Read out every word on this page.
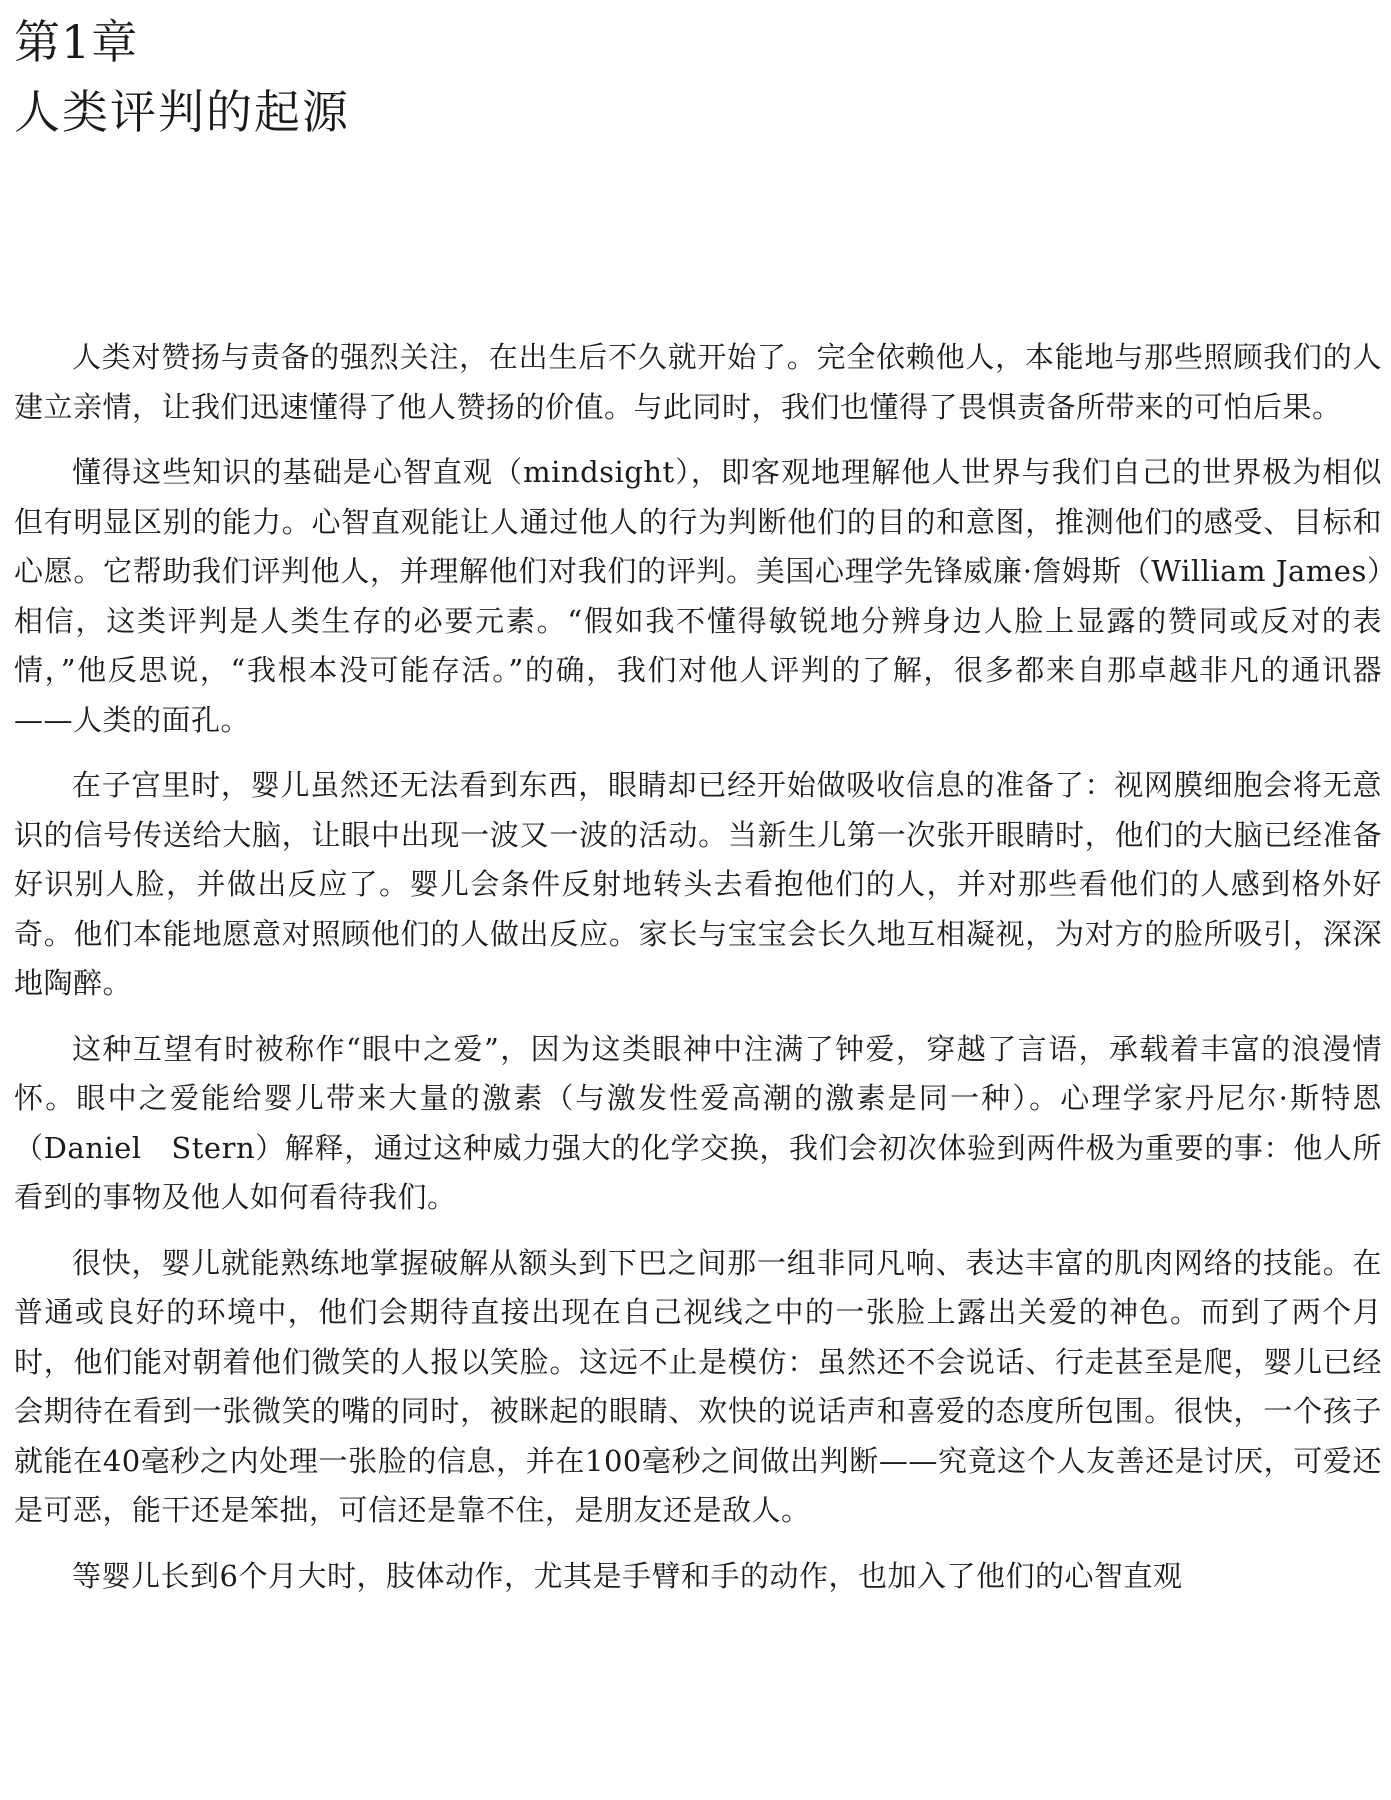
第1章
人类评判的起源

人类对赞扬与责备的强烈关注，在出生后不久就开始了。完全依赖他人，本能地与那些照顾我们的人建立亲情，让我们迅速懂得了他人赞扬的价值。与此同时，我们也懂得了畏惧责备所带来的可怕后果。

懂得这些知识的基础是心智直观（mindsight），即客观地理解他人世界与我们自己的世界极为相似但有明显区别的能力。心智直观能让人通过他人的行为判断他们的目的和意图，推测他们的感受、目标和心愿。它帮助我们评判他人，并理解他们对我们的评判。美国心理学先锋威廉·詹姆斯（William James）相信，这类评判是人类生存的必要元素。“假如我不懂得敏锐地分辨身边人脸上显露的赞同或反对的表情，”他反思说，“我根本没可能存活。”的确，我们对他人评判的了解，很多都来自那卓越非凡的通讯器——人类的面孔。

在子宫里时，婴儿虽然还无法看到东西，眼睛却已经开始做吸收信息的准备了：视网膜细胞会将无意识的信号传送给大脑，让眼中出现一波又一波的活动。当新生儿第一次张开眼睛时，他们的大脑已经准备好识别人脸，并做出反应了。婴儿会条件反射地转头去看抱他们的人，并对那些看他们的人感到格外好奇。他们本能地愿意对照顾他们的人做出反应。家长与宝宝会长久地互相凝视，为对方的脸所吸引，深深地陶醉。

这种互望有时被称作“眼中之爱”，因为这类眼神中注满了钟爱，穿越了言语，承载着丰富的浪漫情怀。眼中之爱能给婴儿带来大量的激素（与激发性爱高潮的激素是同一种）。心理学家丹尼尔·斯特恩（Daniel　Stern）解释，通过这种威力强大的化学交换，我们会初次体验到两件极为重要的事：他人所看到的事物及他人如何看待我们。

很快，婴儿就能熟练地掌握破解从额头到下巴之间那一组非同凡响、表达丰富的肌肉网络的技能。在普通或良好的环境中，他们会期待直接出现在自己视线之中的一张脸上露出关爱的神色。而到了两个月时，他们能对朝着他们微笑的人报以笑脸。这远不止是模仿：虽然还不会说话、行走甚至是爬，婴儿已经会期待在看到一张微笑的嘴的同时，被眯起的眼睛、欢快的说话声和喜爱的态度所包围。很快，一个孩子就能在40毫秒之内处理一张脸的信息，并在100毫秒之间做出判断——究竟这个人友善还是讨厌，可爱还是可恶，能干还是笨拙，可信还是靠不住，是朋友还是敌人。

等婴儿长到6个月大时，肢体动作，尤其是手臂和手的动作，也加入了他们的心智直观
